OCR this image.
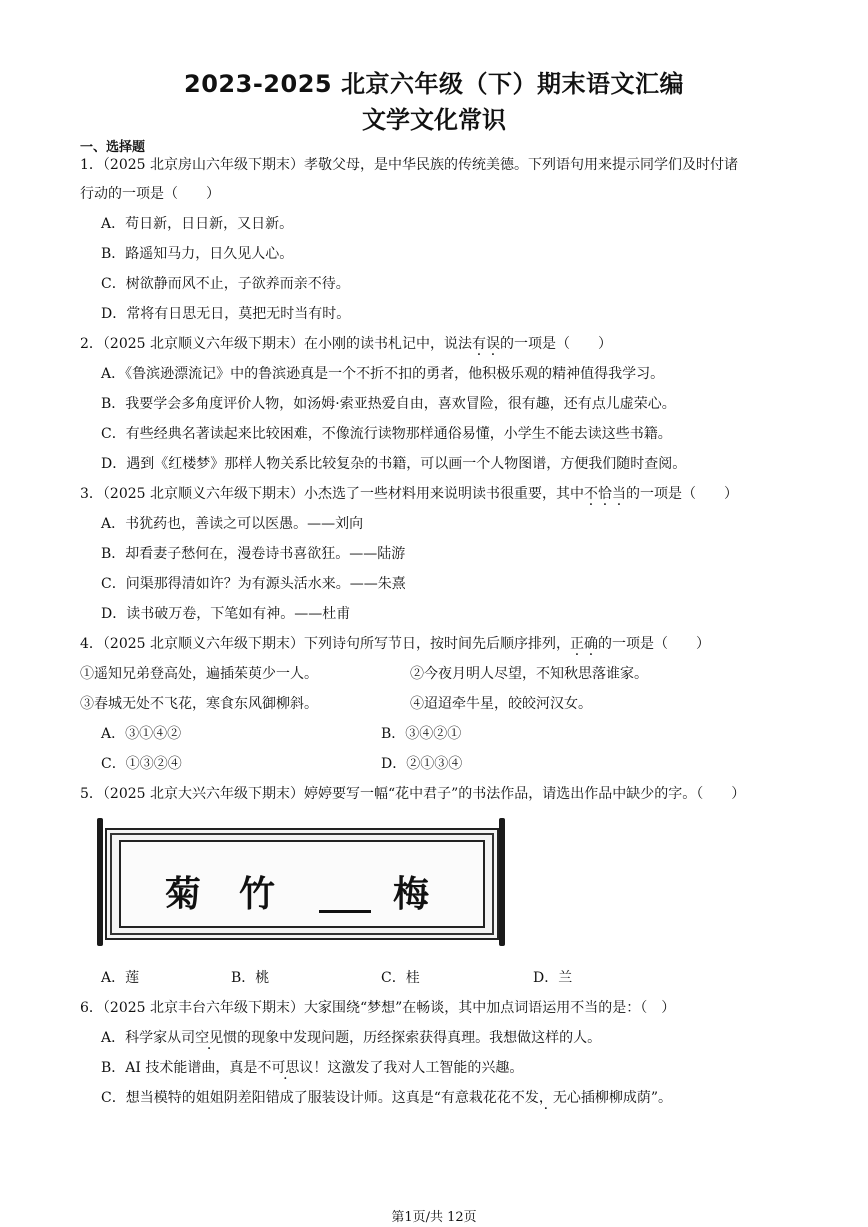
2023-2025 北京六年级（下）期末语文汇编
文学文化常识
一、选择题
1．（2025 北京房山六年级下期末）孝敬父母，是中华民族的传统美德。下列语句用来提示同学们及时付诸
行动的一项是（　　）
A．苟日新，日日新，又日新。
B．路遥知马力，日久见人心。
C．树欲静而风不止，子欲养而亲不待。
D．常将有日思无日，莫把无时当有时。
2．（2025 北京顺义六年级下期末）在小刚的读书札记中，说法有误的一项是（　　）
A．《鲁滨逊漂流记》中的鲁滨逊真是一个不折不扣的勇者，他积极乐观的精神值得我学习。
B．我要学会多角度评价人物，如汤姆·索亚热爱自由，喜欢冒险，很有趣，还有点儿虚荣心。
C．有些经典名著读起来比较困难，不像流行读物那样通俗易懂，小学生不能去读这些书籍。
D．遇到《红楼梦》那样人物关系比较复杂的书籍，可以画一个人物图谱，方便我们随时查阅。
3．（2025 北京顺义六年级下期末）小杰选了一些材料用来说明读书很重要，其中不恰当的一项是（　　）
A．书犹药也，善读之可以医愚。——刘向
B．却看妻子愁何在，漫卷诗书喜欲狂。——陆游
C．问渠那得清如许？为有源头活水来。——朱熹
D．读书破万卷，下笔如有神。——杜甫
4．（2025 北京顺义六年级下期末）下列诗句所写节日，按时间先后顺序排列，正确的一项是（　　）
①遥知兄弟登高处，遍插茱萸少一人。	②今夜月明人尽望，不知秋思落谁家。
③春城无处不飞花，寒食东风御柳斜。	④迢迢牵牛星，皎皎河汉女。
A．③①④②	B．③④②①
C．①③②④	D．②①③④
5．（2025 北京大兴六年级下期末）婷婷要写一幅“花中君子”的书法作品，请选出作品中缺少的字。（　　）
菊 竹	梅
A．莲	B．桃	C．桂	D．兰
6．（2025 北京丰台六年级下期末）大家围绕“梦想”在畅谈，其中加点词语运用不当的是：（　）
A．科学家从司空见惯的现象中发现问题，历经探索获得真理。我想做这样的人。
B．AI 技术能谱曲，真是不可思议！这激发了我对人工智能的兴趣。
C．想当模特的姐姐阴差阳错成了服装设计师。这真是“有意栽花花不发，无心插柳柳成荫 ·”。
第1页/共 12页
